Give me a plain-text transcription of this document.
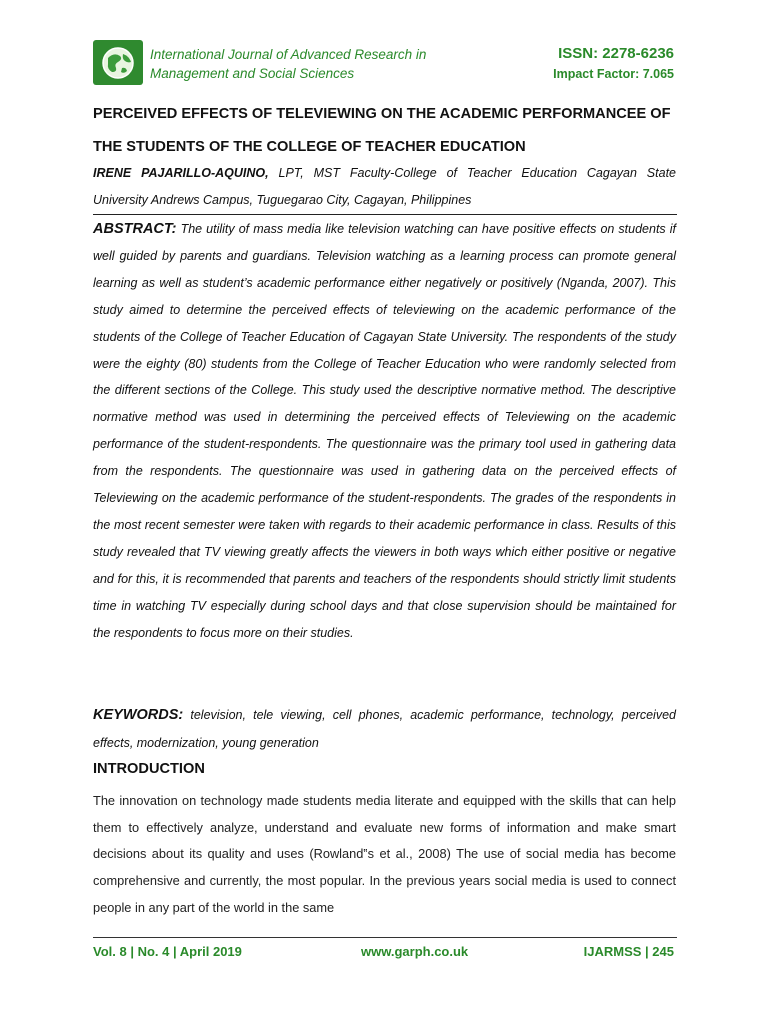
International Journal of Advanced Research in
Management and Social Sciences
ISSN: 2278-6236
Impact Factor: 7.065
PERCEIVED EFFECTS OF TELEVIEWING ON THE ACADEMIC PERFORMANCEE OF THE STUDENTS OF THE COLLEGE OF TEACHER EDUCATION
IRENE PAJARILLO-AQUINO, LPT, MST Faculty-College of Teacher Education Cagayan State University Andrews Campus, Tuguegarao City, Cagayan, Philippines
ABSTRACT: The utility of mass media like television watching can have positive effects on students if well guided by parents and guardians. Television watching as a learning process can promote general learning as well as student’s academic performance either negatively or positively (Nganda, 2007). This study aimed to determine the perceived effects of televiewing on the academic performance of the students of the College of Teacher Education of Cagayan State University. The respondents of the study were the eighty (80) students from the College of Teacher Education who were randomly selected from the different sections of the College. This study used the descriptive normative method. The descriptive normative method was used in determining the perceived effects of Televiewing on the academic performance of the student-respondents. The questionnaire was the primary tool used in gathering data from the respondents. The questionnaire was used in gathering data on the perceived effects of Televiewing on the academic performance of the student-respondents. The grades of the respondents in the most recent semester were taken with regards to their academic performance in class. Results of this study revealed that TV viewing greatly affects the viewers in both ways which either positive or negative and for this, it is recommended that parents and teachers of the respondents should strictly limit students time in watching TV especially during school days and that close supervision should be maintained for the respondents to focus more on their studies.
KEYWORDS: television, tele viewing, cell phones, academic performance, technology, perceived effects, modernization, young generation
INTRODUCTION
The innovation on technology made students media literate and equipped with the skills that can help them to effectively analyze, understand and evaluate new forms of information and make smart decisions about its quality and uses (Rowland‟s et al., 2008) The use of social media has become comprehensive and currently, the most popular. In the previous years social media is used to connect people in any part of the world in the same
Vol. 8 | No. 4 | April 2019	www.garph.co.uk	IJARMSS | 245
